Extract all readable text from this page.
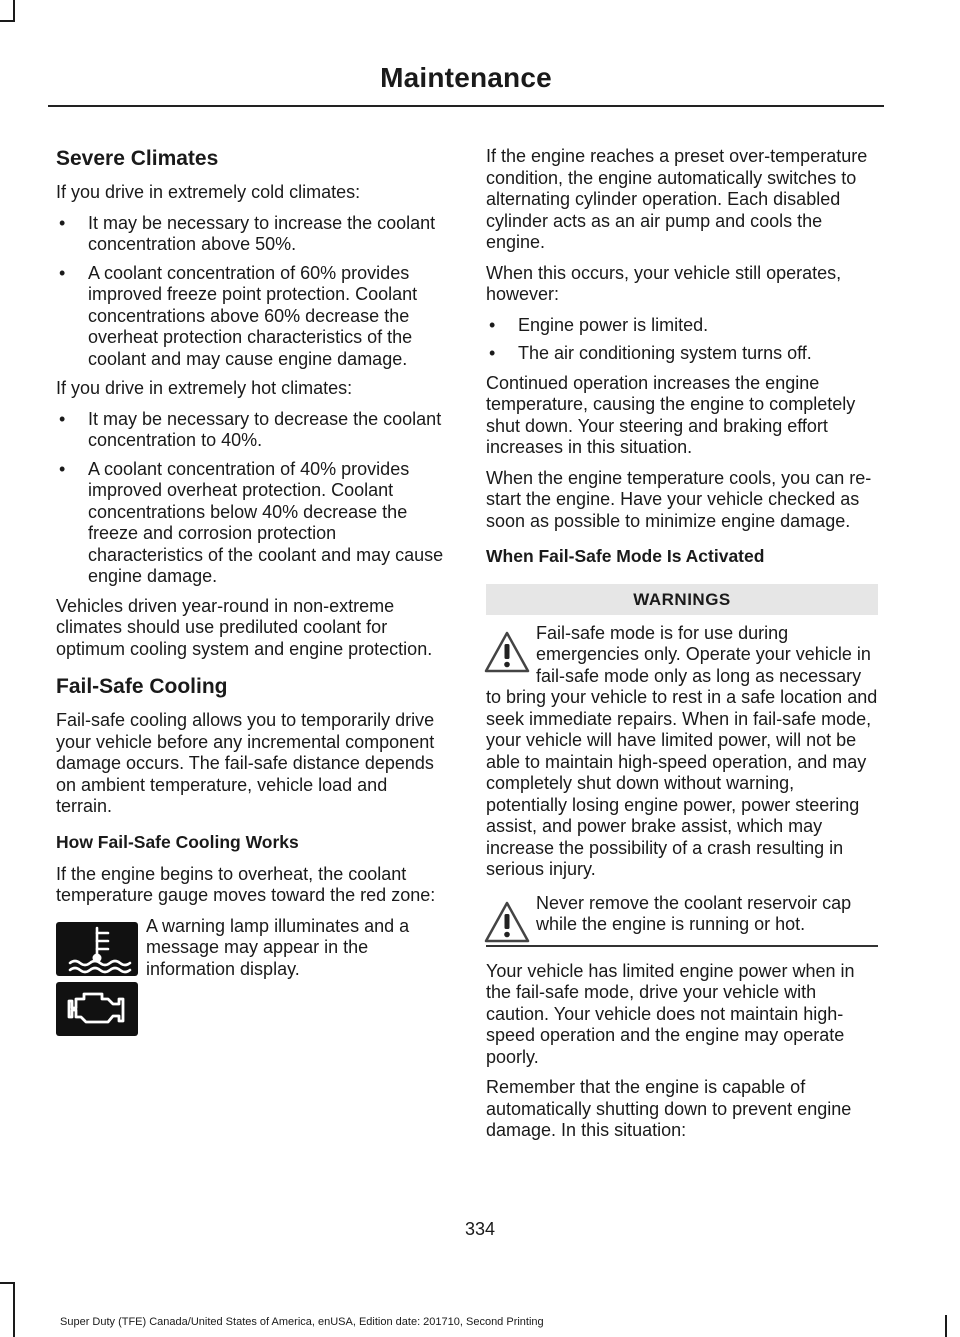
Maintenance
Severe Climates

If you drive in extremely cold climates:

• It may be necessary to increase the coolant concentration above 50%.
• A coolant concentration of 60% provides improved freeze point protection. Coolant concentrations above 60% decrease the overheat protection characteristics of the coolant and may cause engine damage.

If you drive in extremely hot climates:

• It may be necessary to decrease the coolant concentration to 40%.
• A coolant concentration of 40% provides improved overheat protection. Coolant concentrations below 40% decrease the freeze and corrosion protection characteristics of the coolant and may cause engine damage.

Vehicles driven year-round in non-extreme climates should use prediluted coolant for optimum cooling system and engine protection.

Fail-Safe Cooling

Fail-safe cooling allows you to temporarily drive your vehicle before any incremental component damage occurs. The fail-safe distance depends on ambient temperature, vehicle load and terrain.

How Fail-Safe Cooling Works

If the engine begins to overheat, the coolant temperature gauge moves toward the red zone:

A warning lamp illuminates and a message may appear in the information display.

If the engine reaches a preset over-temperature condition, the engine automatically switches to alternating cylinder operation. Each disabled cylinder acts as an air pump and cools the engine.

When this occurs, your vehicle still operates, however:

• Engine power is limited.
• The air conditioning system turns off.

Continued operation increases the engine temperature, causing the engine to completely shut down. Your steering and braking effort increases in this situation.

When the engine temperature cools, you can re-start the engine. Have your vehicle checked as soon as possible to minimize engine damage.

When Fail-Safe Mode Is Activated
WARNINGS
Fail-safe mode is for use during emergencies only. Operate your vehicle in fail-safe mode only as long as necessary to bring your vehicle to rest in a safe location and seek immediate repairs. When in fail-safe mode, your vehicle will have limited power, will not be able to maintain high-speed operation, and may completely shut down without warning, potentially losing engine power, power steering assist, and power brake assist, which may increase the possibility of a crash resulting in serious injury.
Never remove the coolant reservoir cap while the engine is running or hot.

Your vehicle has limited engine power when in the fail-safe mode, drive your vehicle with caution. Your vehicle does not maintain high-speed operation and the engine may operate poorly.

Remember that the engine is capable of automatically shutting down to prevent engine damage. In this situation:

334
Super Duty (TFE) Canada/United States of America, enUSA, Edition date: 201710, Second Printing
